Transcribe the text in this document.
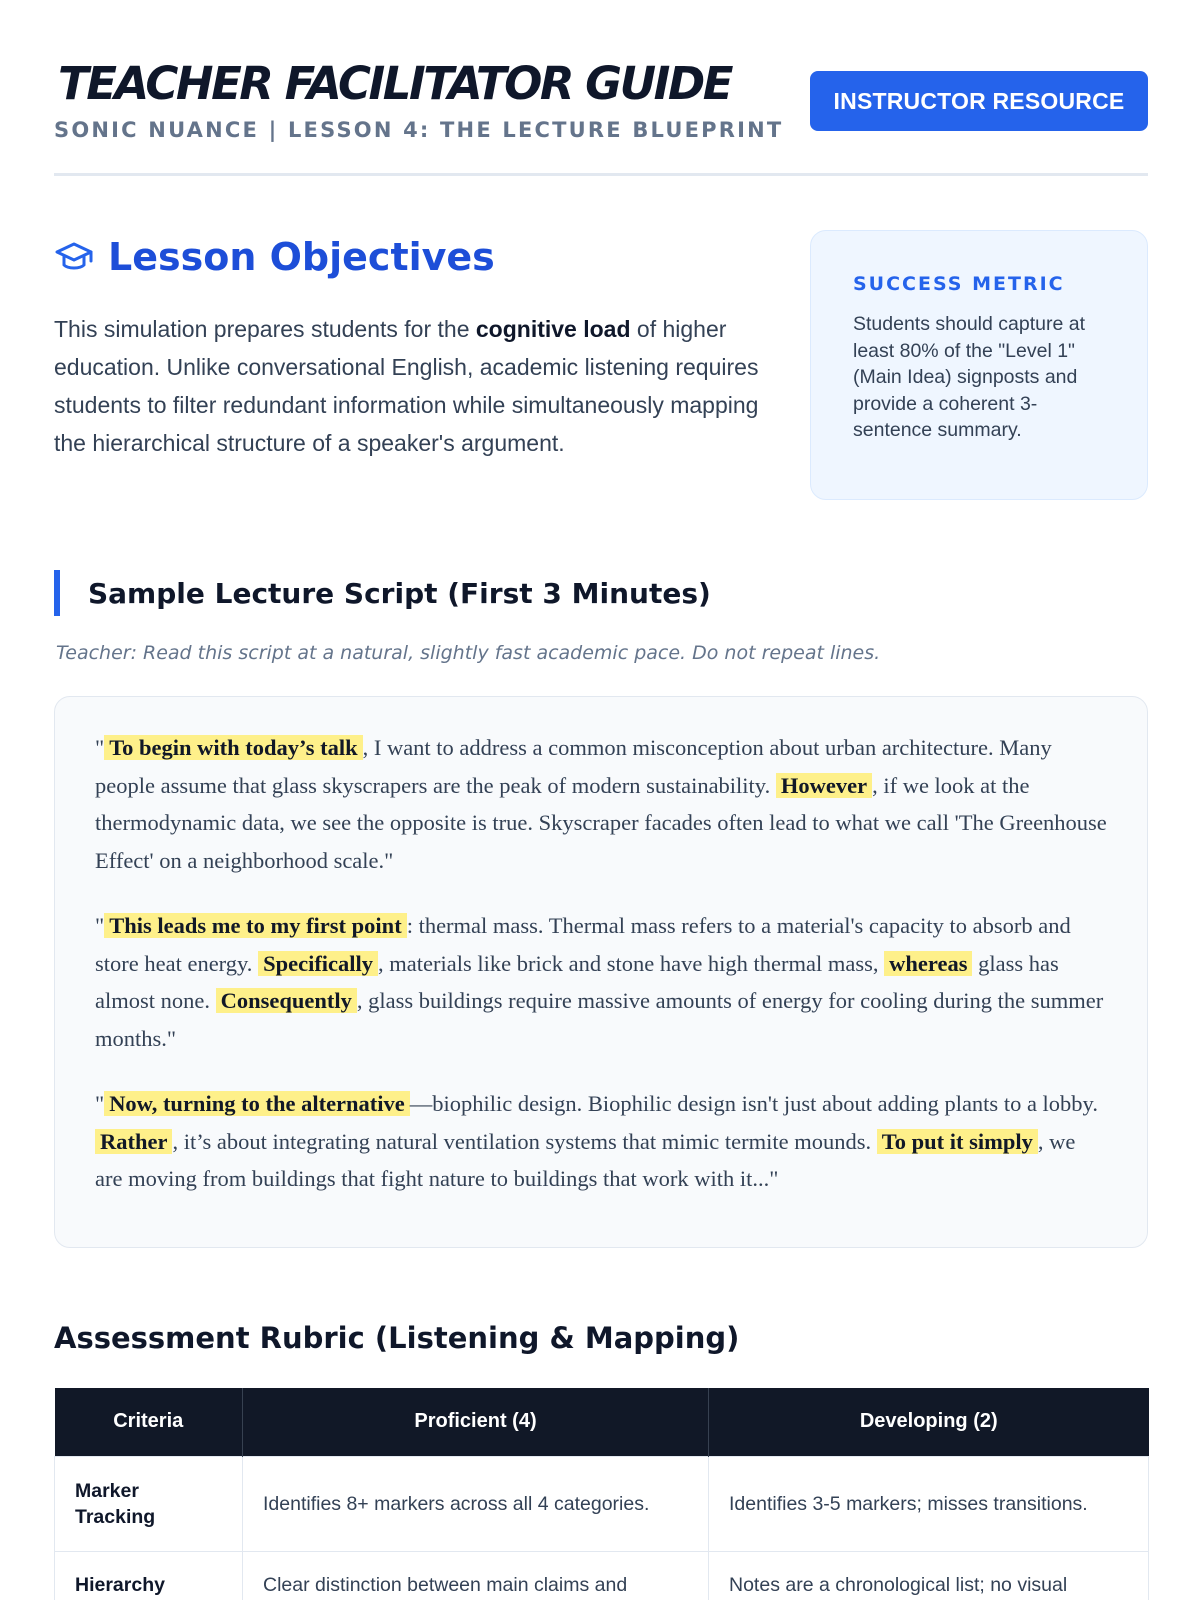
TEACHER FACILITATOR GUIDE
SONIC NUANCE | LESSON 4: THE LECTURE BLUEPRINT
INSTRUCTOR RESOURCE
Lesson Objectives

This simulation prepares students for the cognitive load of higher education. Unlike conversational English, academic listening requires students to filter redundant information while simultaneously mapping the hierarchical structure of a speaker's argument.

SUCCESS METRIC
Students should capture at least 80% of the "Level 1" (Main Idea) signposts and provide a coherent 3-sentence summary.
Sample Lecture Script (First 3 Minutes)
Teacher: Read this script at a natural, slightly fast academic pace. Do not repeat lines.

" To begin with today’s talk , I want to address a common misconception about urban architecture. Many people assume that glass skyscrapers are the peak of modern sustainability. However , if we look at the thermodynamic data, we see the opposite is true. Skyscraper facades often lead to what we call 'The Greenhouse Effect' on a neighborhood scale."

" This leads me to my first point : thermal mass. Thermal mass refers to a material's capacity to absorb and store heat energy. Specifically , materials like brick and stone have high thermal mass, whereas glass has almost none. Consequently , glass buildings require massive amounts of energy for cooling during the summer months."

" Now, turning to the alternative —biophilic design. Biophilic design isn't just about adding plants to a lobby. Rather , it’s about integrating natural ventilation systems that mimic termite mounds. To put it simply , we are moving from buildings that fight nature to buildings that work with it..."

Assessment Rubric (Listening & Mapping)
Criteria	Proficient (4)	Developing (2)
Marker Tracking	Identifies 8+ markers across all 4 categories.	Identifies 3-5 markers; misses transitions.
Hierarchy	Clear distinction between main claims and	Notes are a chronological list; no visual
